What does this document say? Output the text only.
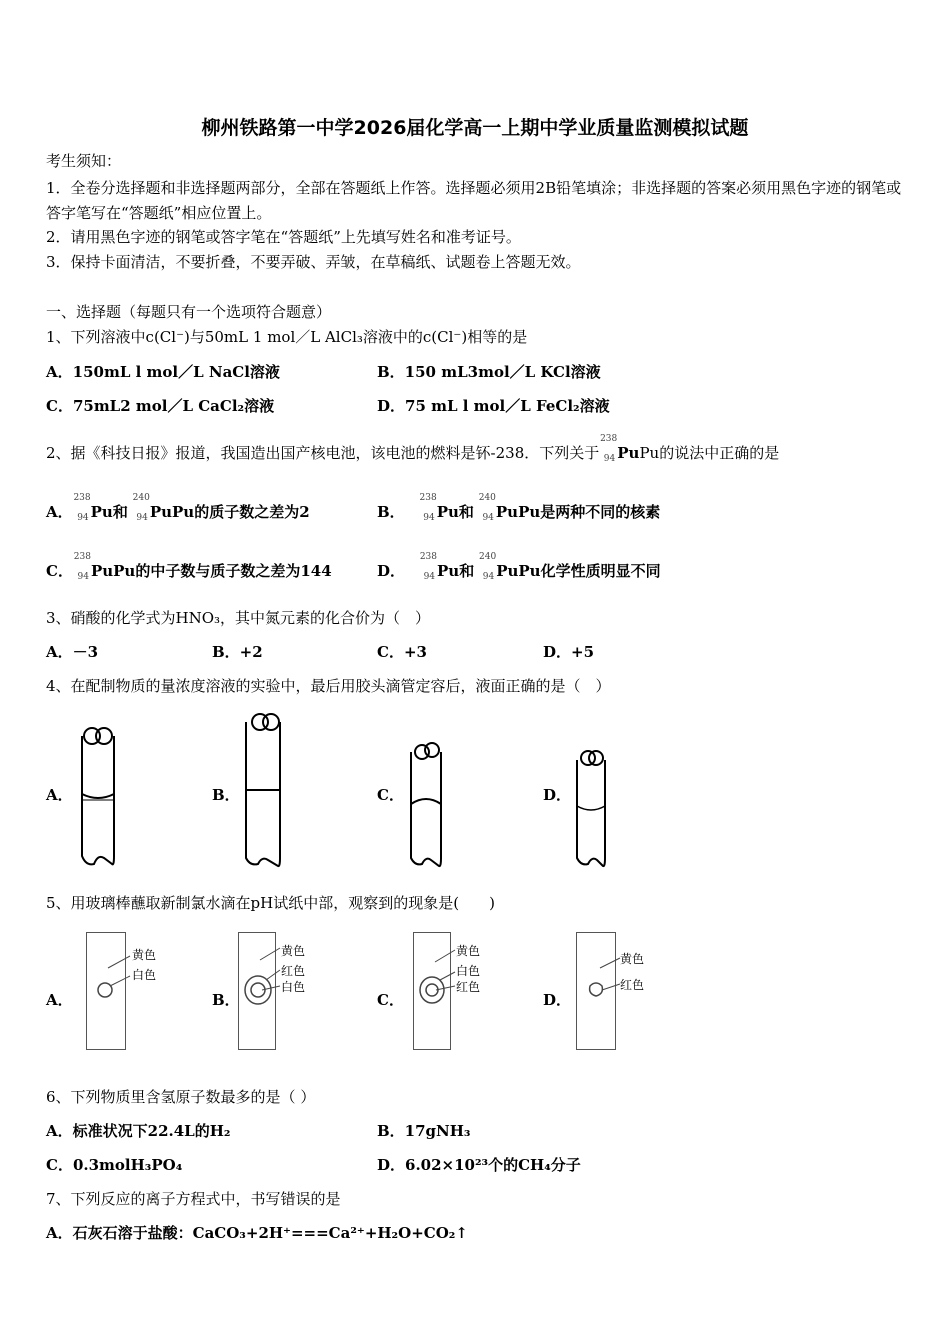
柳州铁路第一中学2026届化学高一上期中学业质量监测模拟试题
考生须知：
1．全卷分选择题和非选择题两部分，全部在答题纸上作答。选择题必须用2B铅笔填涂；非选择题的答案必须用黑色字迹的钢笔或答字笔写在“答题纸”相应位置上。
2．请用黑色字迹的钢笔或答字笔在“答题纸”上先填写姓名和准考证号。
3．保持卡面清洁，不要折叠，不要弄破、弄皱，在草稿纸、试题卷上答题无效。
一、选择题（每题只有一个选项符合题意）
1、下列溶液中c(Cl⁻)与50mL 1 mol／L AlCl₃溶液中的c(Cl⁻)相等的是
A．150mL l mol／L NaCl溶液	B．150 mL3mol／L KCl溶液
C．75mL2 mol／L CaCl₂溶液	D．75 mL l mol／L FeCl₂溶液
2、据《科技日报》报道，我国造出国产核电池，该电池的燃料是钚-238．下列关于
238
94 PuPu的说法中正确的是
A．
238
94 Pu和
240
94 PuPu的质子数之差为2	B．
238
94 Pu和
240
94 PuPu是两种不同的核素
C．
238
94 PuPu的中子数与质子数之差为144	D．
238
94 Pu和
240
94 PuPu化学性质明显不同
3、硝酸的化学式为HNO₃，其中氮元素的化合价为（　）
A．－3	B．+2	C．+3	D．+5
4、在配制物质的量浓度溶液的实验中，最后用胶头滴管定容后，液面正确的是（　）
A．	B．	C．	D．
5、用玻璃棒蘸取新制氯水滴在pH试纸中部，观察到的现象是(　　)
A．
黄色
白色
B．
黄色
红色
白色
C．
黄色
白色
红色
D．
黄色
红色
6、下列物质里含氢原子数最多的是（ ）
A．标准状况下22.4L的H₂	B．17gNH₃
C．0.3molH₃PO₄	D．6.02×10²³个的CH₄分子
7、下列反应的离子方程式中，书写错误的是
A．石灰石溶于盐酸：CaCO₃+2H⁺===Ca²⁺+H₂O+CO₂↑
